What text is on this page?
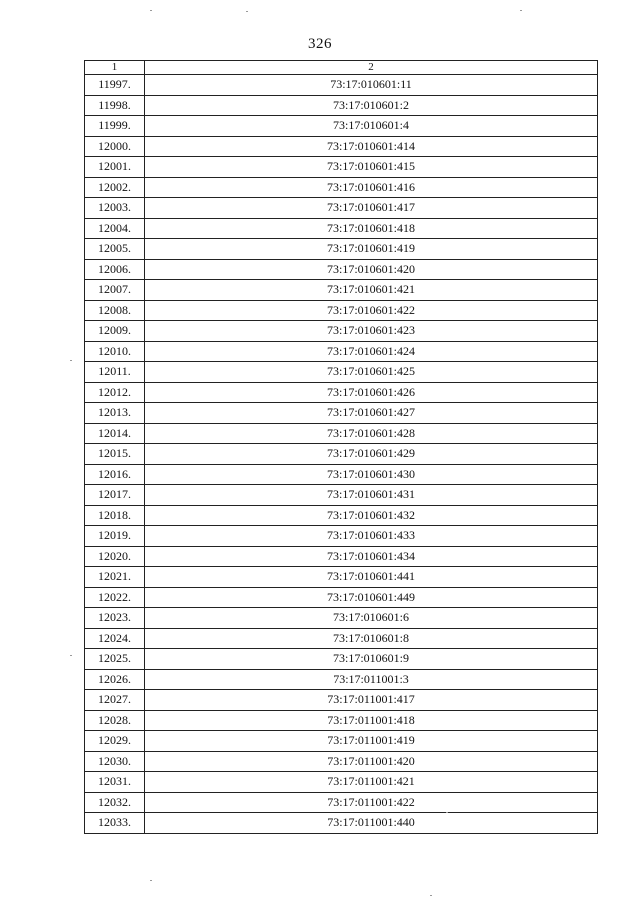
326
1	2
11997.	73:17:010601:11
11998.	73:17:010601:2
11999.	73:17:010601:4
12000.	73:17:010601:414
12001.	73:17:010601:415
12002.	73:17:010601:416
12003.	73:17:010601:417
12004.	73:17:010601:418
12005.	73:17:010601:419
12006.	73:17:010601:420
12007.	73:17:010601:421
12008.	73:17:010601:422
12009.	73:17:010601:423
12010.	73:17:010601:424
12011.	73:17:010601:425
12012.	73:17:010601:426
12013.	73:17:010601:427
12014.	73:17:010601:428
12015.	73:17:010601:429
12016.	73:17:010601:430
12017.	73:17:010601:431
12018.	73:17:010601:432
12019.	73:17:010601:433
12020.	73:17:010601:434
12021.	73:17:010601:441
12022.	73:17:010601:449
12023.	73:17:010601:6
12024.	73:17:010601:8
12025.	73:17:010601:9
12026.	73:17:011001:3
12027.	73:17:011001:417
12028.	73:17:011001:418
12029.	73:17:011001:419
12030.	73:17:011001:420
12031.	73:17:011001:421
12032.	73:17:011001:422
12033.	73:17:011001:440
